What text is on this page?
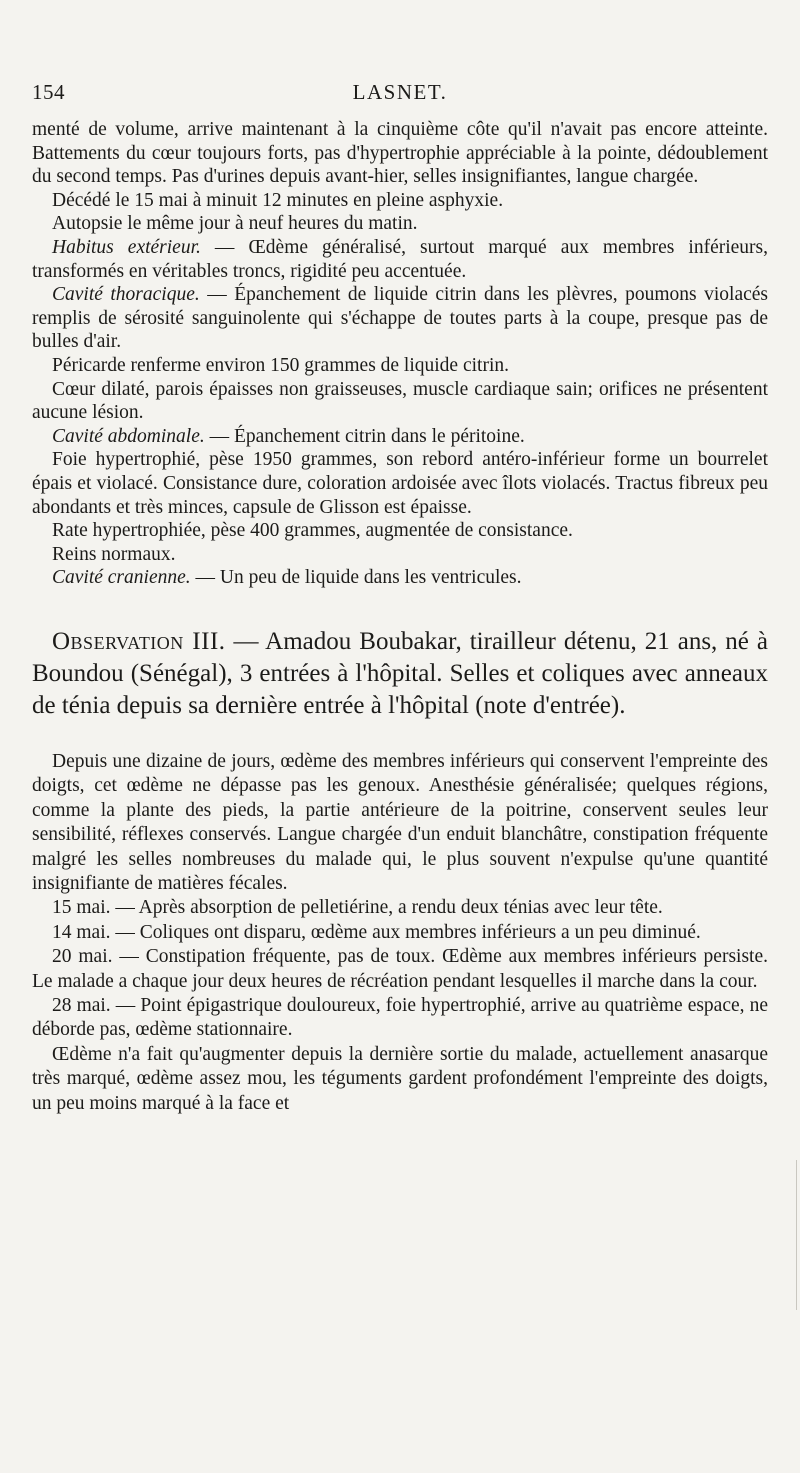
154	LASNET.

menté de volume, arrive maintenant à la cinquième côte qu'il n'avait pas encore atteinte. Battements du cœur toujours forts, pas d'hypertrophie appréciable à la pointe, dédoublement du second temps. Pas d'urines depuis avant-hier, selles insignifiantes, langue chargée.

Décédé le 15 mai à minuit 12 minutes en pleine asphyxie.

Autopsie le même jour à neuf heures du matin.

Habitus extérieur. — Œdème généralisé, surtout marqué aux membres inférieurs, transformés en véritables troncs, rigidité peu accentuée.

Cavité thoracique. — Épanchement de liquide citrin dans les plèvres, poumons violacés remplis de sérosité sanguinolente qui s'échappe de toutes parts à la coupe, presque pas de bulles d'air.

Péricarde renferme environ 150 grammes de liquide citrin.

Cœur dilaté, parois épaisses non graisseuses, muscle cardiaque sain; orifices ne présentent aucune lésion.

Cavité abdominale. — Épanchement citrin dans le péritoine.

Foie hypertrophié, pèse 1950 grammes, son rebord antéro-inférieur forme un bourrelet épais et violacé. Consistance dure, coloration ardoisée avec îlots violacés. Tractus fibreux peu abondants et très minces, capsule de Glisson est épaisse.

Rate hypertrophiée, pèse 400 grammes, augmentée de consistance.

Reins normaux.

Cavité cranienne. — Un peu de liquide dans les ventricules.

Observation III. — Amadou Boubakar, tirailleur détenu, 21 ans, né à Boundou (Sénégal), 3 entrées à l'hôpital. Selles et coliques avec anneaux de ténia depuis sa dernière entrée à l'hôpital (note d'entrée).

Depuis une dizaine de jours, œdème des membres inférieurs qui conservent l'empreinte des doigts, cet œdème ne dépasse pas les genoux. Anesthésie généralisée; quelques régions, comme la plante des pieds, la partie antérieure de la poitrine, conservent seules leur sensibilité, réflexes conservés. Langue chargée d'un enduit blanchâtre, constipation fréquente malgré les selles nombreuses du malade qui, le plus souvent n'expulse qu'une quantité insignifiante de matières fécales.

15 mai. — Après absorption de pelletiérine, a rendu deux ténias avec leur tête.

14 mai. — Coliques ont disparu, œdème aux membres inférieurs a un peu diminué.

20 mai. — Constipation fréquente, pas de toux. Œdème aux membres inférieurs persiste. Le malade a chaque jour deux heures de récréation pendant lesquelles il marche dans la cour.

28 mai. — Point épigastrique douloureux, foie hypertrophié, arrive au quatrième espace, ne déborde pas, œdème stationnaire.

Œdème n'a fait qu'augmenter depuis la dernière sortie du malade, actuellement anasarque très marqué, œdème assez mou, les téguments gardent profondément l'empreinte des doigts, un peu moins marqué à la face et
